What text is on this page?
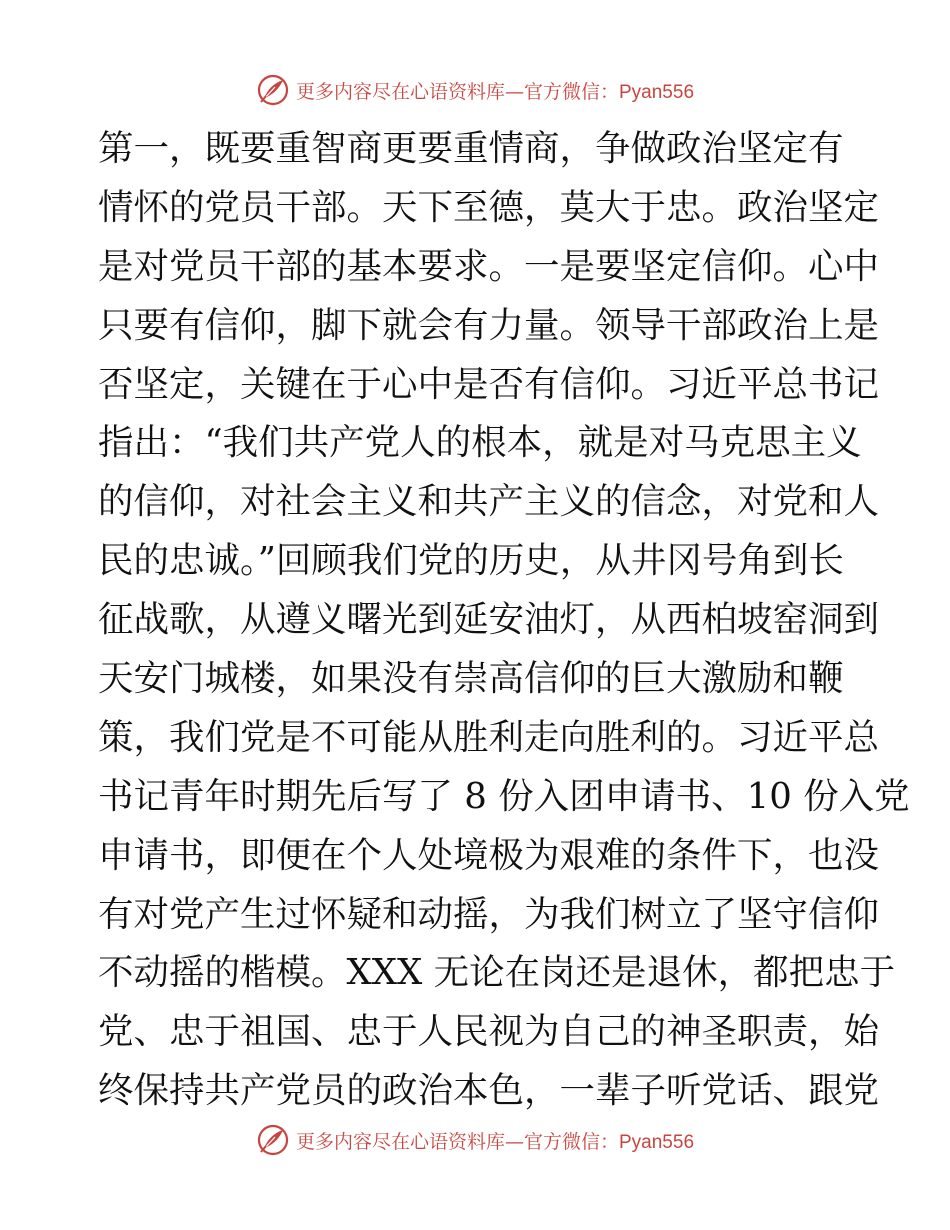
更多内容尽在心语资料库—官方微信：Pyan556
第一，既要重智商更要重情商，争做政治坚定有
情怀的党员干部。天下至德，莫大于忠。政治坚定
是对党员干部的基本要求。一是要坚定信仰。心中
只要有信仰，脚下就会有力量。领导干部政治上是
否坚定，关键在于心中是否有信仰。习近平总书记
指出：“我们共产党人的根本，就是对马克思主义
的信仰，对社会主义和共产主义的信念，对党和人
民的忠诚。”回顾我们党的历史，从井冈号角到长
征战歌，从遵义曙光到延安油灯，从西柏坡窑洞到
天安门城楼，如果没有崇高信仰的巨大激励和鞭
策，我们党是不可能从胜利走向胜利的。习近平总
书记青年时期先后写了 8 份入团申请书、10 份入党
申请书，即便在个人处境极为艰难的条件下，也没
有对党产生过怀疑和动摇，为我们树立了坚守信仰
不动摇的楷模。XXX 无论在岗还是退休，都把忠于
党、忠于祖国、忠于人民视为自己的神圣职责，始
终保持共产党员的政治本色，一辈子听党话、跟党
更多内容尽在心语资料库—官方微信：Pyan556
